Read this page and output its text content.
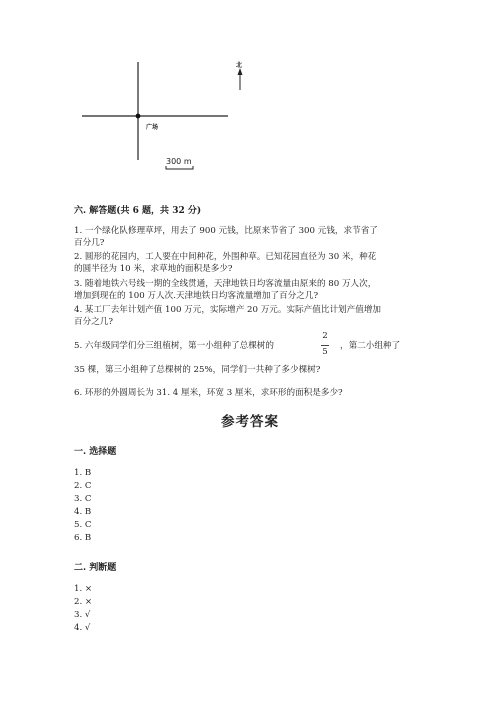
北
广场
300 m
六. 解答题(共 6 题，共 32 分)
1. 一个绿化队修理草坪，用去了 900 元钱，比原来节省了 300 元钱，求节省了
百分几?
2. 圆形的花园内，工人要在中间种花，外围种草。已知花园直径为 30 米，种花
的圆半径为 10 米，求草地的面积是多少?
3. 随着地铁六号线一期的全线贯通，天津地铁日均客流量由原来的 80 万人次，
增加到现在的 100 万人次.天津地铁日均客流量增加了百分之几?
4. 某工厂去年计划产值 100 万元，实际增产 20 万元。实际产值比计划产值增加
百分之几?
5. 六年级同学们分三组植树，第一小组种了总棵树的
2
5
，第二小组种了
35 棵，第三小组种了总棵树的 25%，同学们一共种了多少棵树?
6. 环形的外圆周长为 31. 4 厘米，环宽 3 厘米，求环形的面积是多少?
参考答案
一. 选择题
1. B
2. C
3. C
4. B
5. C
6. B
二. 判断题
1. ×
2. ×
3. √
4. √
